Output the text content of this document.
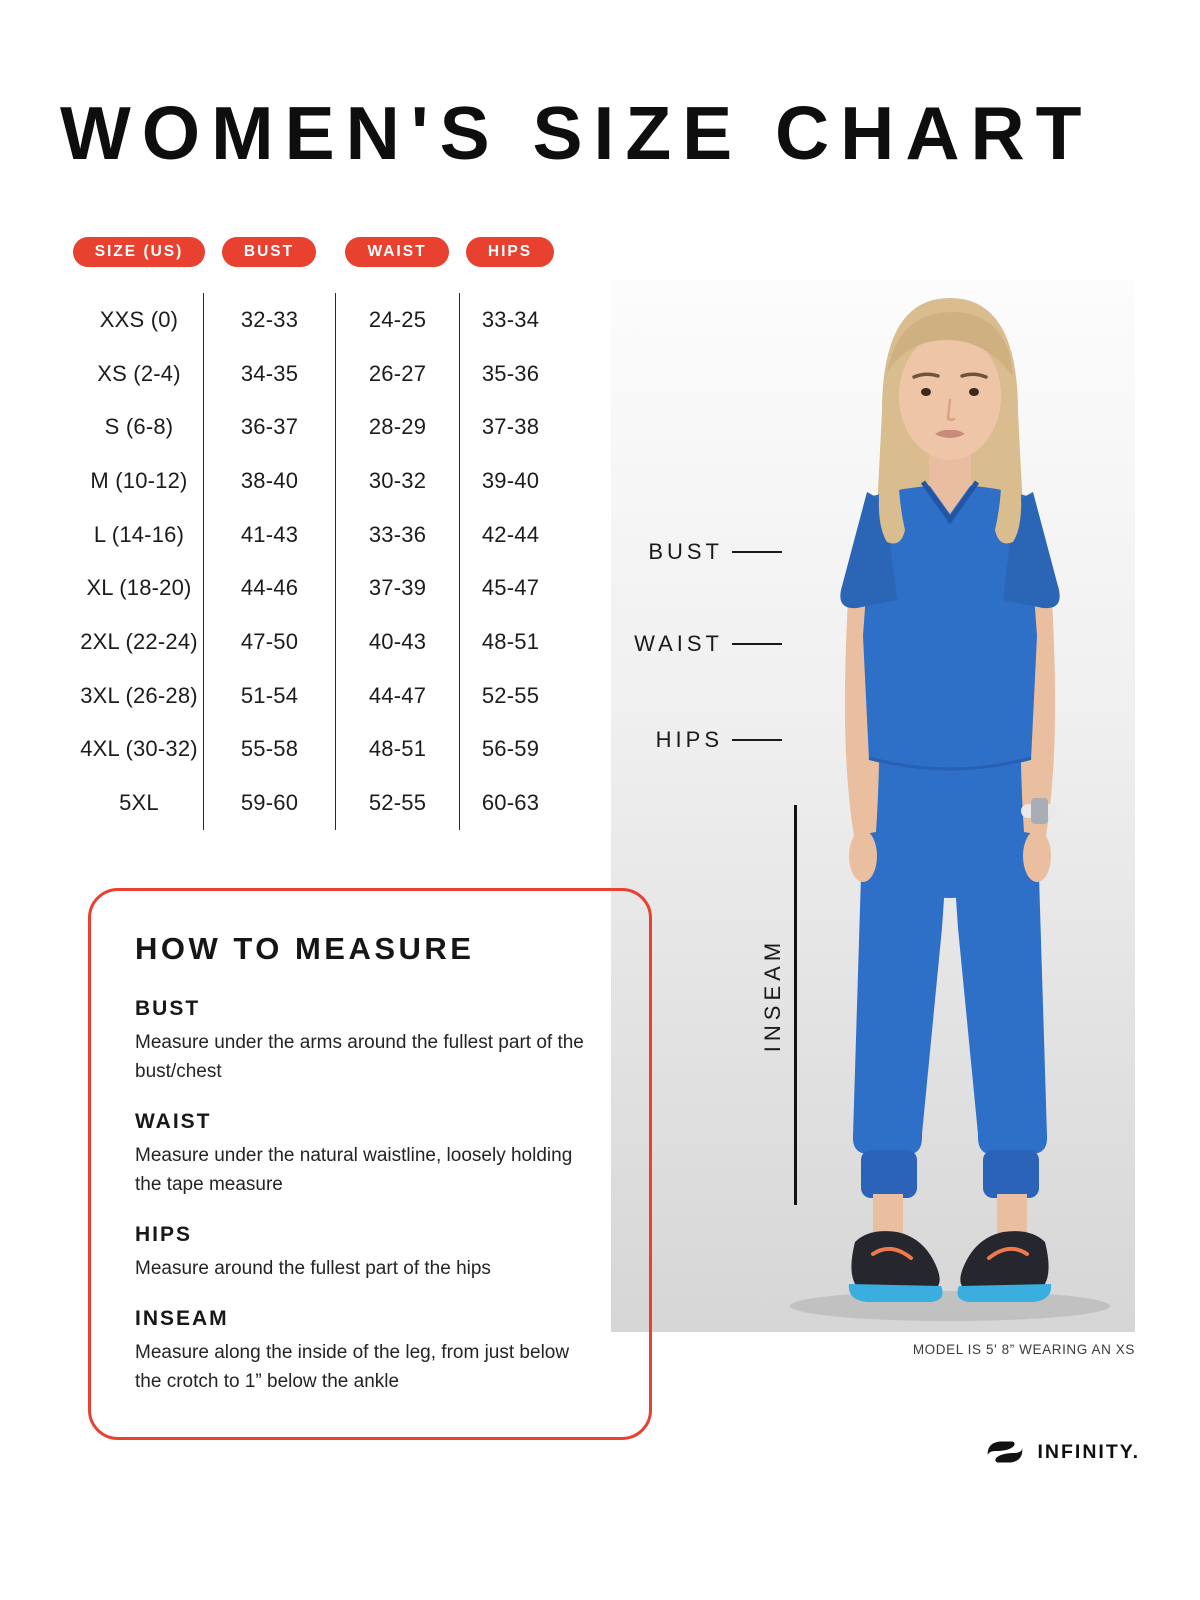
WOMEN'S SIZE CHART
SIZE (US)	BUST	WAIST	HIPS
XXS (0)	32-33	24-25	33-34
XS (2-4)	34-35	26-27	35-36
S (6-8)	36-37	28-29	37-38
M (10-12)	38-40	30-32	39-40
L (14-16)	41-43	33-36	42-44
XL (18-20)	44-46	37-39	45-47
2XL (22-24)	47-50	40-43	48-51
3XL (26-28)	51-54	44-47	52-55
4XL (30-32)	55-58	48-51	56-59
5XL	59-60	52-55	60-63
BUST
WAIST
HIPS
INSEAM
MODEL IS 5' 8” WEARING AN XS
HOW TO MEASURE
BUST

Measure under the arms around the fullest part of the bust/chest

WAIST

Measure under the natural waistline, loosely holding the tape measure

HIPS

Measure around the fullest part of the hips

INSEAM

Measure along the inside of the leg, from just below the crotch to 1” below the ankle

INFINITY.
